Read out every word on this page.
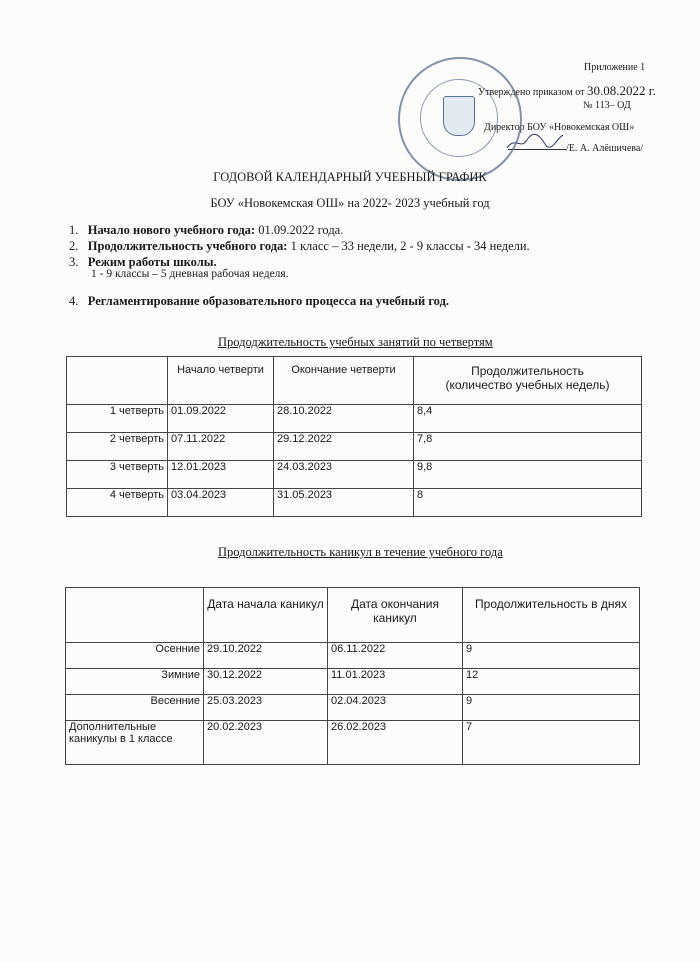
Приложение 1
Утверждено приказом от 30.08.2022 г.
№ 113– ОД
Директор БОУ «Новокемская ОШ»
/Е. А. Алёшичева/
ГОДОВОЙ КАЛЕНДАРНЫЙ УЧЕБНЫЙ ГРАФИК
БОУ «Новокемская ОШ» на 2022- 2023 учебный год
1. Начало нового учебного года: 01.09.2022 года.
2. Продолжительность учебного года: 1 класс – 33 недели, 2 - 9 классы - 34 недели.
3. Режим работы школы.
1 - 9 классы – 5 дневная рабочая неделя.
4. Регламентирование образовательного процесса на учебный год.
Прододжительность учебных занятий по четвертям
	Начало четверти	Окончание четверти	Продолжительность
(количество учебных недель)
1 четверть	01.09.2022	28.10.2022	8,4
2 четверть	07.11.2022	29.12.2022	7,8
3 четверть	12.01.2023	24.03.2023	9,8
4 четверть	03.04.2023	31.05.2023	8
Продолжительность каникул в течение учебного года
	Дата начала каникул	Дата окончания каникул	Продолжительность в днях
Осенние	29.10.2022	06.11.2022	9
Зимние	30.12.2022	11.01.2023	12
Весенние	25.03.2023	02.04.2023	9
Дополнительные каникулы в 1 классе	20.02.2023	26.02.2023	7
